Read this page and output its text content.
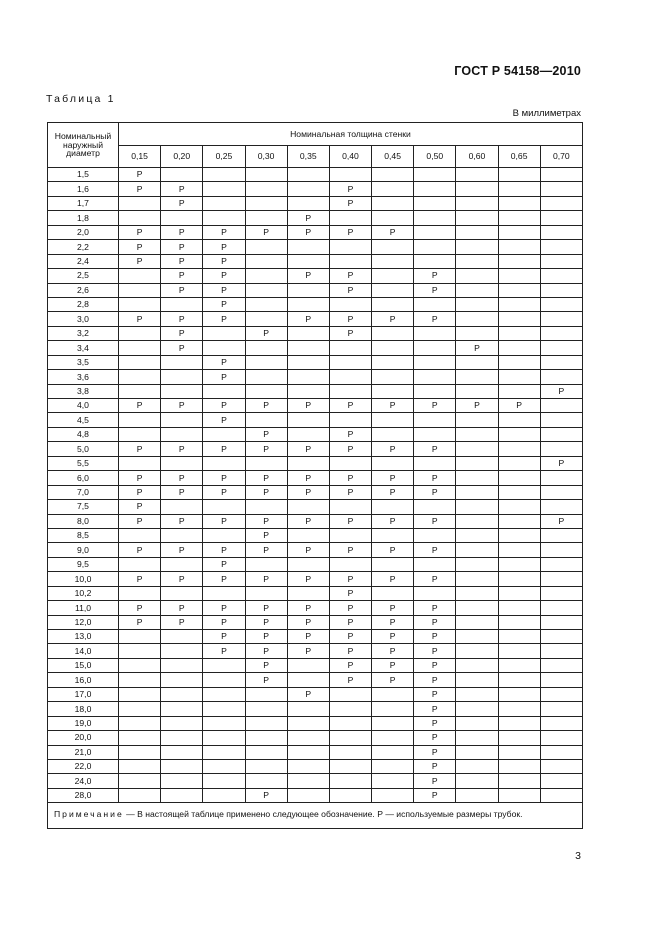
ГОСТ Р 54158—2010
Таблица 1
В миллиметрах
Номинальный
наружный
диаметр	Номинальная толщина стенки										
	0,15	0,20	0,25	0,30	0,35	0,40	0,45	0,50	0,60	0,65	0,70
1,5	Р										
1,6	Р	Р				Р					
1,7		Р				Р					
1,8					Р						
2,0	Р	Р	Р	Р	Р	Р	Р				
2,2	Р	Р	Р								
2,4	Р	Р	Р								
2,5		Р	Р		Р	Р		Р			
2,6		Р	Р			Р		Р			
2,8			Р								
3,0	Р	Р	Р		Р	Р	Р	Р			
3,2		Р		Р		Р					
3,4		Р							Р		
3,5			Р								
3,6			Р								
3,8											Р
4,0	Р	Р	Р	Р	Р	Р	Р	Р	Р	Р	
4,5			Р								
4,8				Р		Р					
5,0	Р	Р	Р	Р	Р	Р	Р	Р			
5,5											Р
6,0	Р	Р	Р	Р	Р	Р	Р	Р			
7,0	Р	Р	Р	Р	Р	Р	Р	Р			
7,5	Р										
8,0	Р	Р	Р	Р	Р	Р	Р	Р			Р
8,5				Р							
9,0	Р	Р	Р	Р	Р	Р	Р	Р			
9,5			Р								
10,0	Р	Р	Р	Р	Р	Р	Р	Р			
10,2						Р					
11,0	Р	Р	Р	Р	Р	Р	Р	Р			
12,0	Р	Р	Р	Р	Р	Р	Р	Р			
13,0			Р	Р	Р	Р	Р	Р			
14,0			Р	Р	Р	Р	Р	Р			
15,0				Р		Р	Р	Р			
16,0				Р		Р	Р	Р			
17,0					Р			Р			
18,0								Р			
19,0								Р			
20,0								Р			
21,0								Р			
22,0								Р			
24,0								Р			
28,0				Р				Р			
Примечание — В настоящей таблице применено следующее обозначение. Р — используемые размеры трубок.											
3
